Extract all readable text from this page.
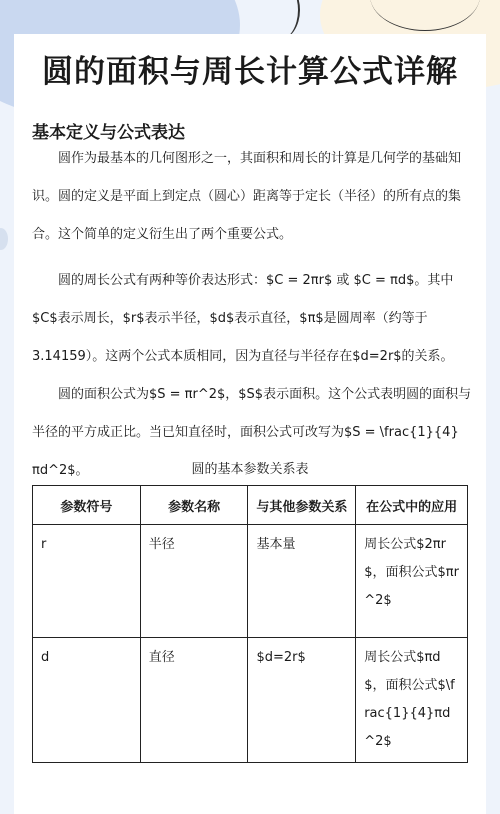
圆的面积与周长计算公式详解
基本定义与公式表达

圆作为最基本的几何图形之一，其面积和周长的计算是几何学的基础知识。圆的定义是平面上到定点（圆心）距离等于定长（半径）的所有点的集合。这个简单的定义衍生出了两个重要公式。

圆的周长公式有两种等价表达形式：$C = 2πr$ 或 $C = πd$。其中$C$表示周长，$r$表示半径，$d$表示直径，$π$是圆周率（约等于3.14159）。这两个公式本质相同，因为直径与半径存在$d=2r$的关系。

圆的面积公式为$S = πr^2$，$S$表示面积。这个公式表明圆的面积与半径的平方成正比。当已知直径时，面积公式可改写为$S = \frac{1}{4}πd^2$。	圆的基本参数关系表

参数符号	参数名称	与其他参数关系	在公式中的应用
r	半径	基本量	周长公式$2πr$，面积公式$πr^2$
d	直径	$d=2r$	周长公式$πd$，面积公式$\frac{1}{4}πd^2$
